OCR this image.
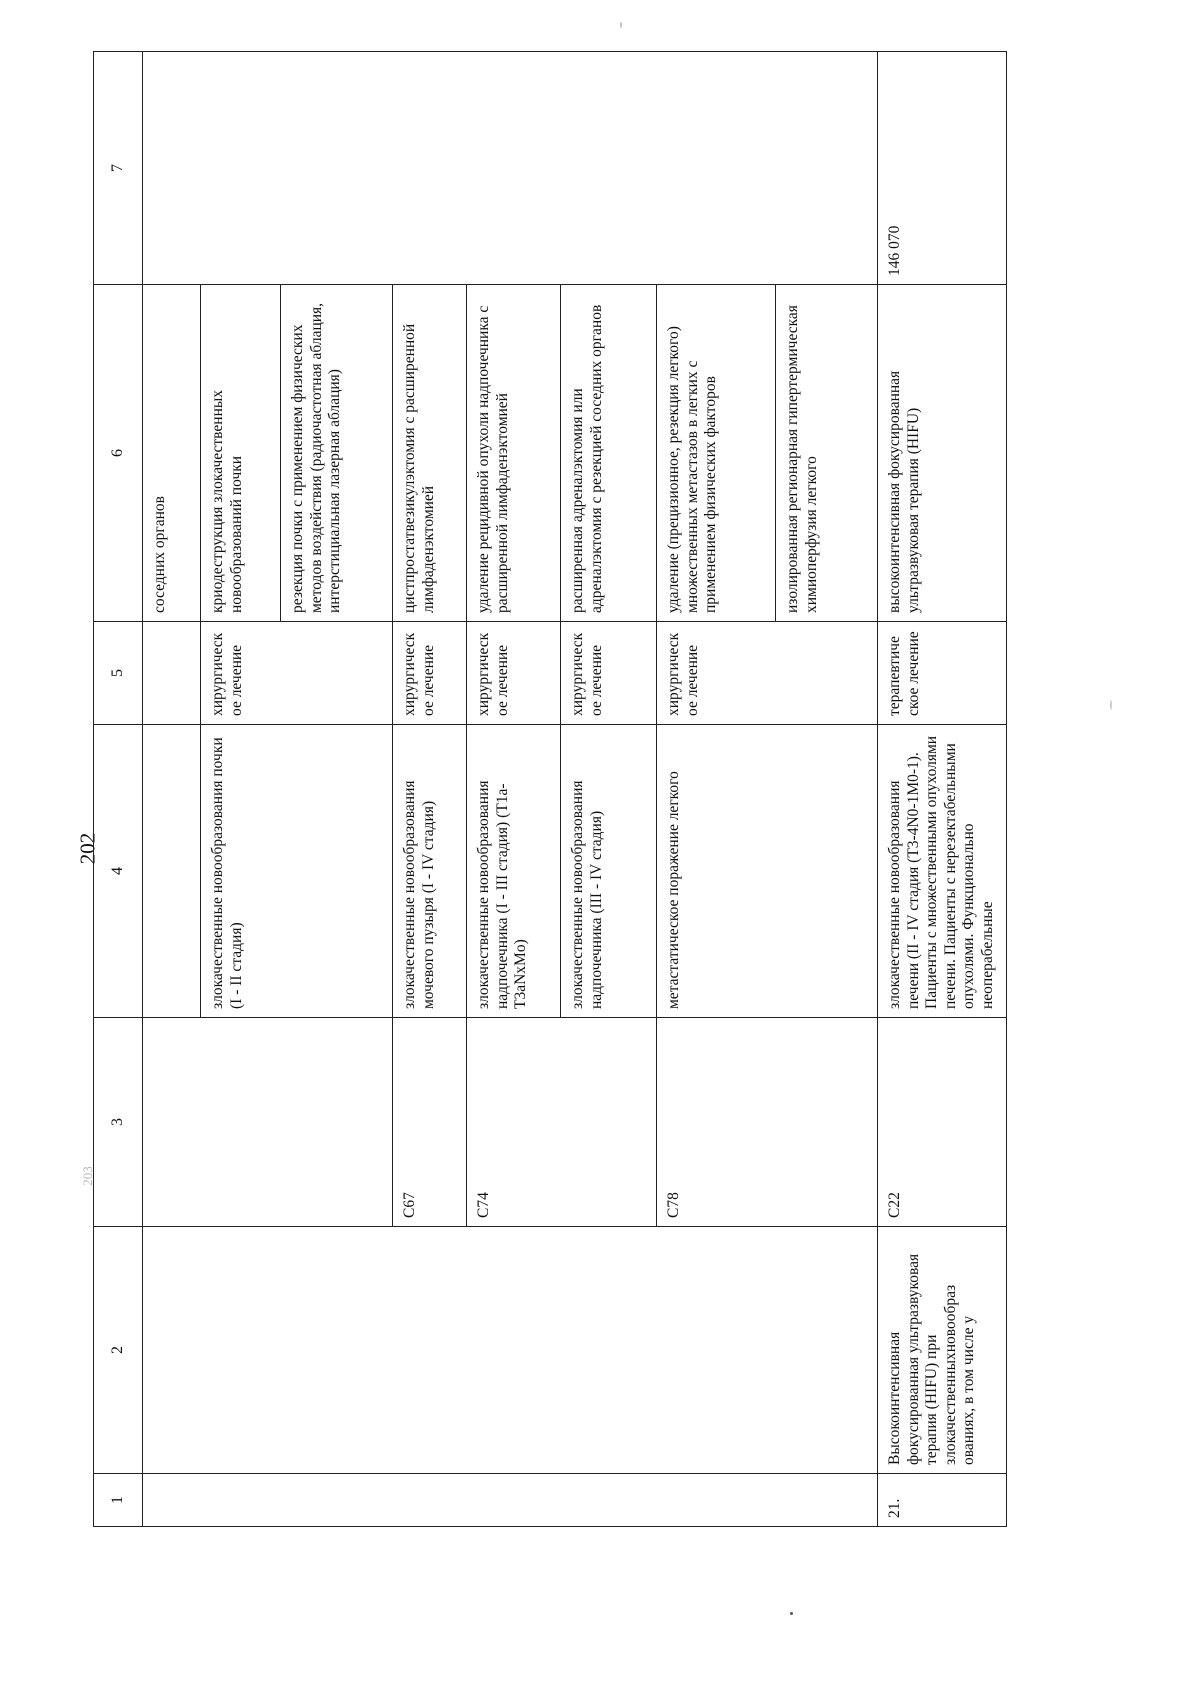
202
203
1	2	3	4	5	6	7
					соседних органов	
			злокачественные новообразования почки (I - II стадия)	хирургическое лечение	криодеструкция злокачественных новообразований почки	
					резекция почки с применением физических методов воздействия (радиочастотная аблация, интерстициальная лазерная аблация)	
		C67	злокачественные новообразования мочевого пузыря (I - IV стадия)	хирургическое лечение	цистпростатвезикулэктомия с расширенной лимфаденэктомией	
		C74	злокачественные новообразования надпочечника (I - III стадия) (T1a-T3aNxMo)	хирургическое лечение	удаление рецидивной опухоли надпочечника с расширенной лимфаденэктомией	
			злокачественные новообразования надпочечника (III - IV стадия)	хирургическое лечение	расширенная адреналэктомия или адреналэктомия с резекцией соседних органов	
		C78	метастатическое поражение легкого	хирургическое лечение	удаление (прецизионное, резекция легкого) множественных метастазов в легких с применением физических факторов	
					изолированная регионарная гипертермическая химиоперфузия легкого	
21.	Высокоинтенсивная фокусированная ультразвуковая терапия (HIFU) при злокачественныхновообраз ованиях, в том числе у	C22	злокачественные новообразования печени (II - IV стадия (T3-4N0-1M0-1). Пациенты с множественными опухолями печени. Пациенты с нерезектабельными опухолями. Функционально неоперабельные	терапевтическое лечение	высокоинтенсивная фокусированная ультразвуковая терапия (HIFU)	146 070
